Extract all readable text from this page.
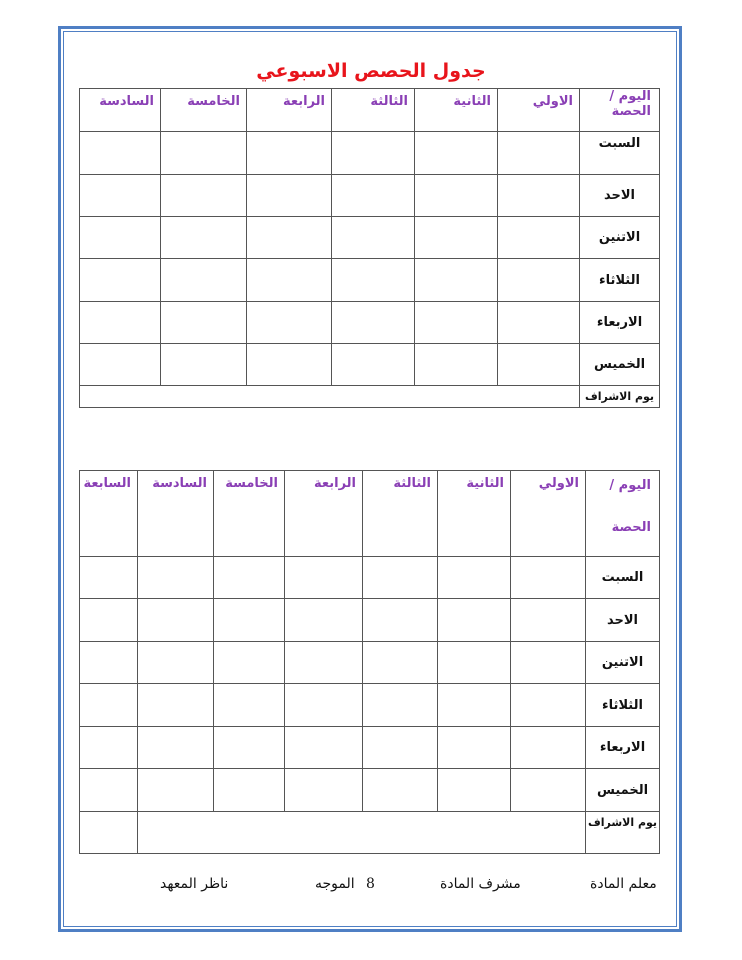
جدول الحصص الاسبوعي
اليوم /
الحصة	الاولي	الثانية	الثالثة	الرابعة	الخامسة	السادسة

السبت						

الاحد						
الاتنين						
الثلاثاء						
الاربعاء						
الخميس						
يوم الاشراف						
اليوم /
الحصة	الاولي	الثانية	الثالثة	الرابعة	الخامسة	السادسة	السابعة
السبت							
الاحد							
الاتنين							
الثلاثاء							
الاربعاء							
الخميس							
يوم الاشراف							
معلم المادة
مشرف المادة
8
الموجه
ناظر المعهد
